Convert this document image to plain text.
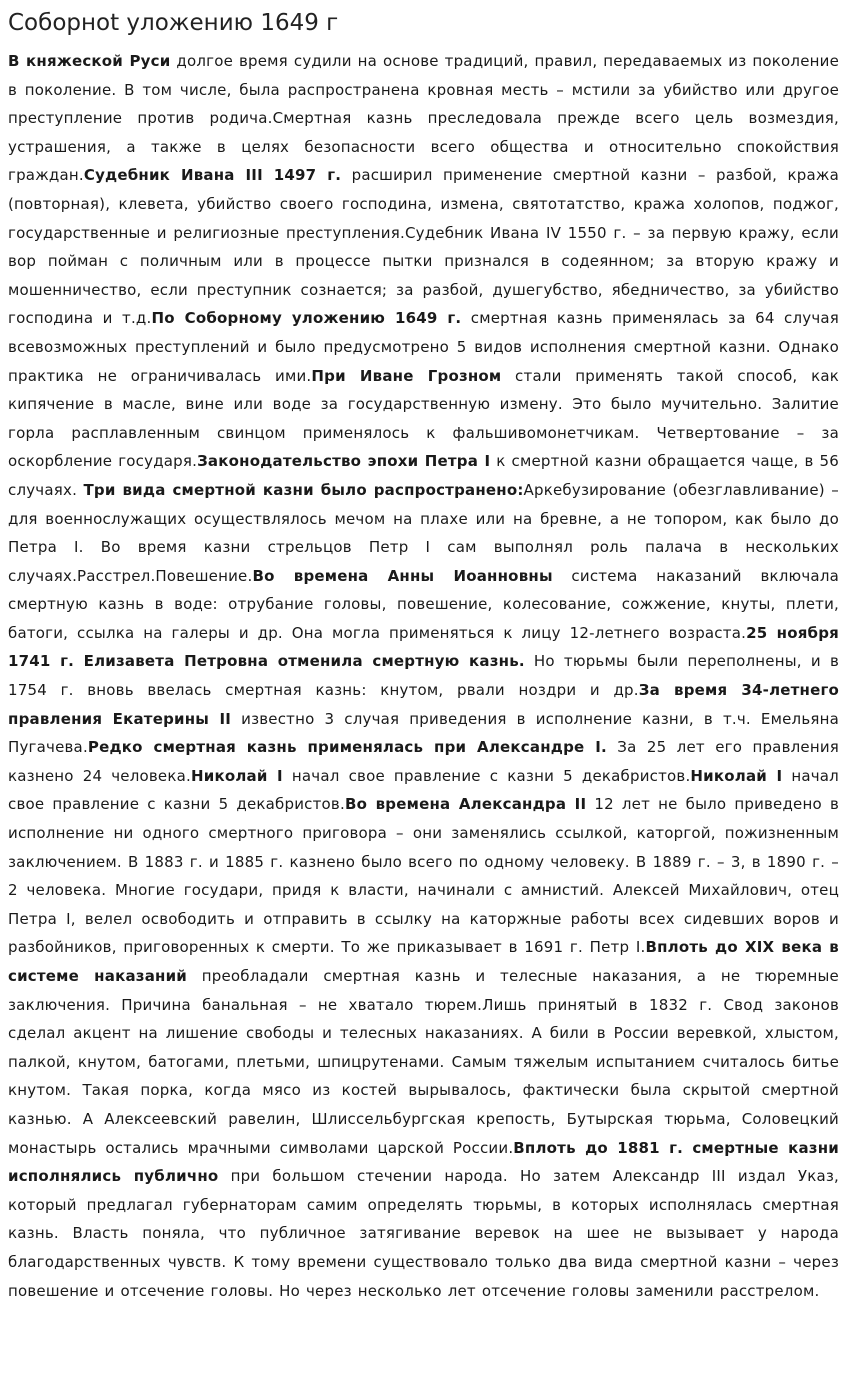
Соборнot уложению 1649 г

В княжеской Руси долгое время судили на основе традиций, правил, передаваемых из поколение в поколение. В том числе, была распространена кровная месть – мстили за убийство или другое преступление против родича.Смертная казнь преследовала прежде всего цель возмездия, устрашения, а также в целях безопасности всего общества и относительно спокойствия граждан.Судебник Ивана III 1497 г. расширил применение смертной казни – разбой, кража (повторная), клевета, убийство своего господина, измена, святотатство, кража холопов, поджог, государственные и религиозные преступления.Судебник Ивана IV 1550 г. – за первую кражу, если вор пойман с поличным или в процессе пытки признался в содеянном; за вторую кражу и мошенничество, если преступник сознается; за разбой, душегубство, ябедничество, за убийство господина и т.д.По Соборному уложению 1649 г. смертная казнь применялась за 64 случая всевозможных преступлений и было предусмотрено 5 видов исполнения смертной казни. Однако практика не ограничивалась ими.При Иване Грозном стали применять такой способ, как кипячение в масле, вине или воде за государственную измену. Это было мучительно. Залитие горла расплавленным свинцом применялось к фальшивомонетчикам. Четвертование – за оскорбление государя.Законодательство эпохи Петра I к смертной казни обращается чаще, в 56 случаях. Три вида смертной казни было распространено:Аркебузирование (обезглавливание) – для военнослужащих осуществлялось мечом на плахе или на бревне, а не топором, как было до Петра I. Во время казни стрельцов Петр I сам выполнял роль палача в нескольких случаях.Расстрел.Повешение.Во времена Анны Иоанновны система наказаний включала смертную казнь в воде: отрубание головы, повешение, колесование, сожжение, кнуты, плети, батоги, ссылка на галеры и др. Она могла применяться к лицу 12-летнего возраста.25 ноября 1741 г. Елизавета Петровна отменила смертную казнь. Но тюрьмы были переполнены, и в 1754 г. вновь ввелась смертная казнь: кнутом, рвали ноздри и др.За время 34-летнего правления Екатерины II известно 3 случая приведения в исполнение казни, в т.ч. Емельяна Пугачева.Редко смертная казнь применялась при Александре I. За 25 лет его правления казнено 24 человека.Николай I начал свое правление с казни 5 декабристов.Николай I начал свое правление с казни 5 декабристов.Во времена Александра II 12 лет не было приведено в исполнение ни одного смертного приговора – они заменялись ссылкой, каторгой, пожизненным заключением. В 1883 г. и 1885 г. казнено было всего по одному человеку. В 1889 г. – 3, в 1890 г. – 2 человека. Многие государи, придя к власти, начинали с амнистий. Алексей Михайлович, отец Петра I, велел освободить и отправить в ссылку на каторжные работы всех сидевших воров и разбойников, приговоренных к смерти. То же приказывает в 1691 г. Петр I.Вплоть до XIX века в системе наказаний преобладали смертная казнь и телесные наказания, а не тюремные заключения. Причина банальная – не хватало тюрем.Лишь принятый в 1832 г. Свод законов сделал акцент на лишение свободы и телесных наказаниях. А били в России веревкой, хлыстом, палкой, кнутом, батогами, плетьми, шпицрутенами. Самым тяжелым испытанием считалось битье кнутом. Такая порка, когда мясо из костей вырывалось, фактически была скрытой смертной казнью. А Алексеевский равелин, Шлиссельбургская крепость, Бутырская тюрьма, Соловецкий монастырь остались мрачными символами царской России.Вплоть до 1881 г. смертные казни исполнялись публично при большом стечении народа. Но затем Александр III издал Указ, который предлагал губернаторам самим определять тюрьмы, в которых исполнялась смертная казнь. Власть поняла, что публичное затягивание веревок на шее не вызывает у народа благодарственных чувств. К тому времени существовало только два вида смертной казни – через повешение и отсечение головы. Но через несколько лет отсечение головы заменили расстрелом.
